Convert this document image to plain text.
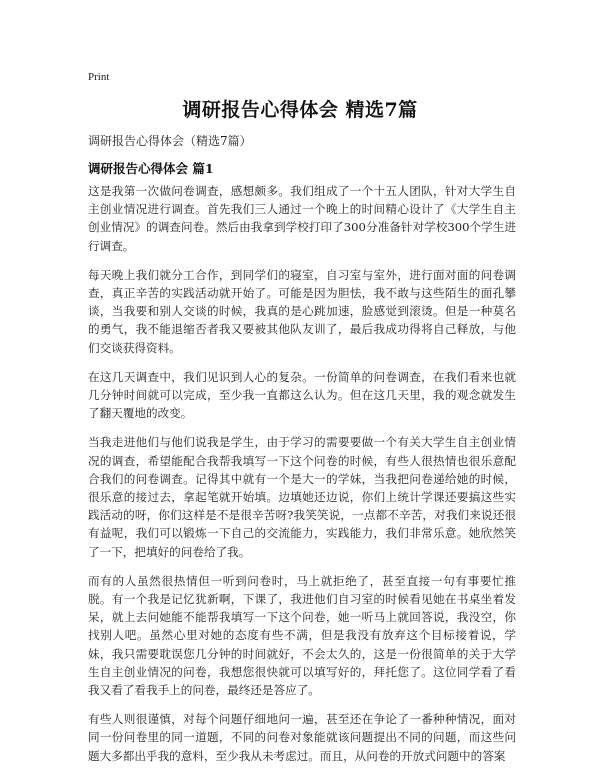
Print
调研报告心得体会 精选7篇
调研报告心得体会（精选7篇）
调研报告心得体会 篇1

这是我第一次做问卷调查，感想颇多。我们组成了一个十五人团队，针对大学生自主创业情况进行调查。首先我们三人通过一个晚上的时间精心设计了《大学生自主创业情况》的调查问卷。然后由我拿到学校打印了300分准备针对学校300个学生进行调查。

每天晚上我们就分工合作，到同学们的寝室，自习室与室外，进行面对面的问卷调查，真正辛苦的实践活动就开始了。可能是因为胆怯，我不敢与这些陌生的面孔攀谈，当我要和别人交谈的时候，我真的是心跳加速，脸感觉到滚烫。但是一种莫名的勇气，我不能退缩否者我又要被其他队友训了，最后我成功得将自己释放，与他们交谈获得资料。

在这几天调查中，我们见识到人心的复杂。一份简单的问卷调查，在我们看来也就几分钟时间就可以完成，至少我一直都这么认为。但在这几天里，我的观念就发生了翻天覆地的改变。

当我走进他们与他们说我是学生，由于学习的需要要做一个有关大学生自主创业情况的调查，希望能配合我帮我填写一下这个问卷的时候，有些人很热情也很乐意配合我们的问卷调查。记得其中就有一个是大一的学妹，当我把问卷递给她的时候，很乐意的接过去，拿起笔就开始填。边填她还边说，你们上统计学课还要搞这些实践活动的呀，你们这样是不是很辛苦呀?我笑笑说，一点都不辛苦，对我们来说还很有益呢，我们可以锻炼一下自己的交流能力，实践能力，我们非常乐意。她欣然笑了一下，把填好的问卷给了我。

而有的人虽然很热情但一听到问卷时，马上就拒绝了，甚至直接一句有事要忙推脱。有一个我是记忆犹新啊，下课了，我进他们自习室的时候看见她在书桌坐着发呆，就上去问她能不能帮我填写一下这个问卷，她一听马上就回答说，我没空，你找别人吧。虽然心里对她的态度有些不满，但是我没有放弃这个目标接着说，学妹，我只需要耽误您几分钟的时间就好，不会太久的，这是一份很简单的关于大学生自主创业情况的问卷，我想您很快就可以填写好的，拜托您了。这位同学看了看我又看了看我手上的问卷，最终还是答应了。

有些人则很谨慎，对每个问题仔细地问一遍，甚至还在争论了一番种种情况，面对同一份问卷里的同一道题，不同的问卷对象能就该问题提出不同的问题，而这些问题大多都出乎我的意料，至少我从未考虑过。而且，从问卷的开放式问题中的答案
